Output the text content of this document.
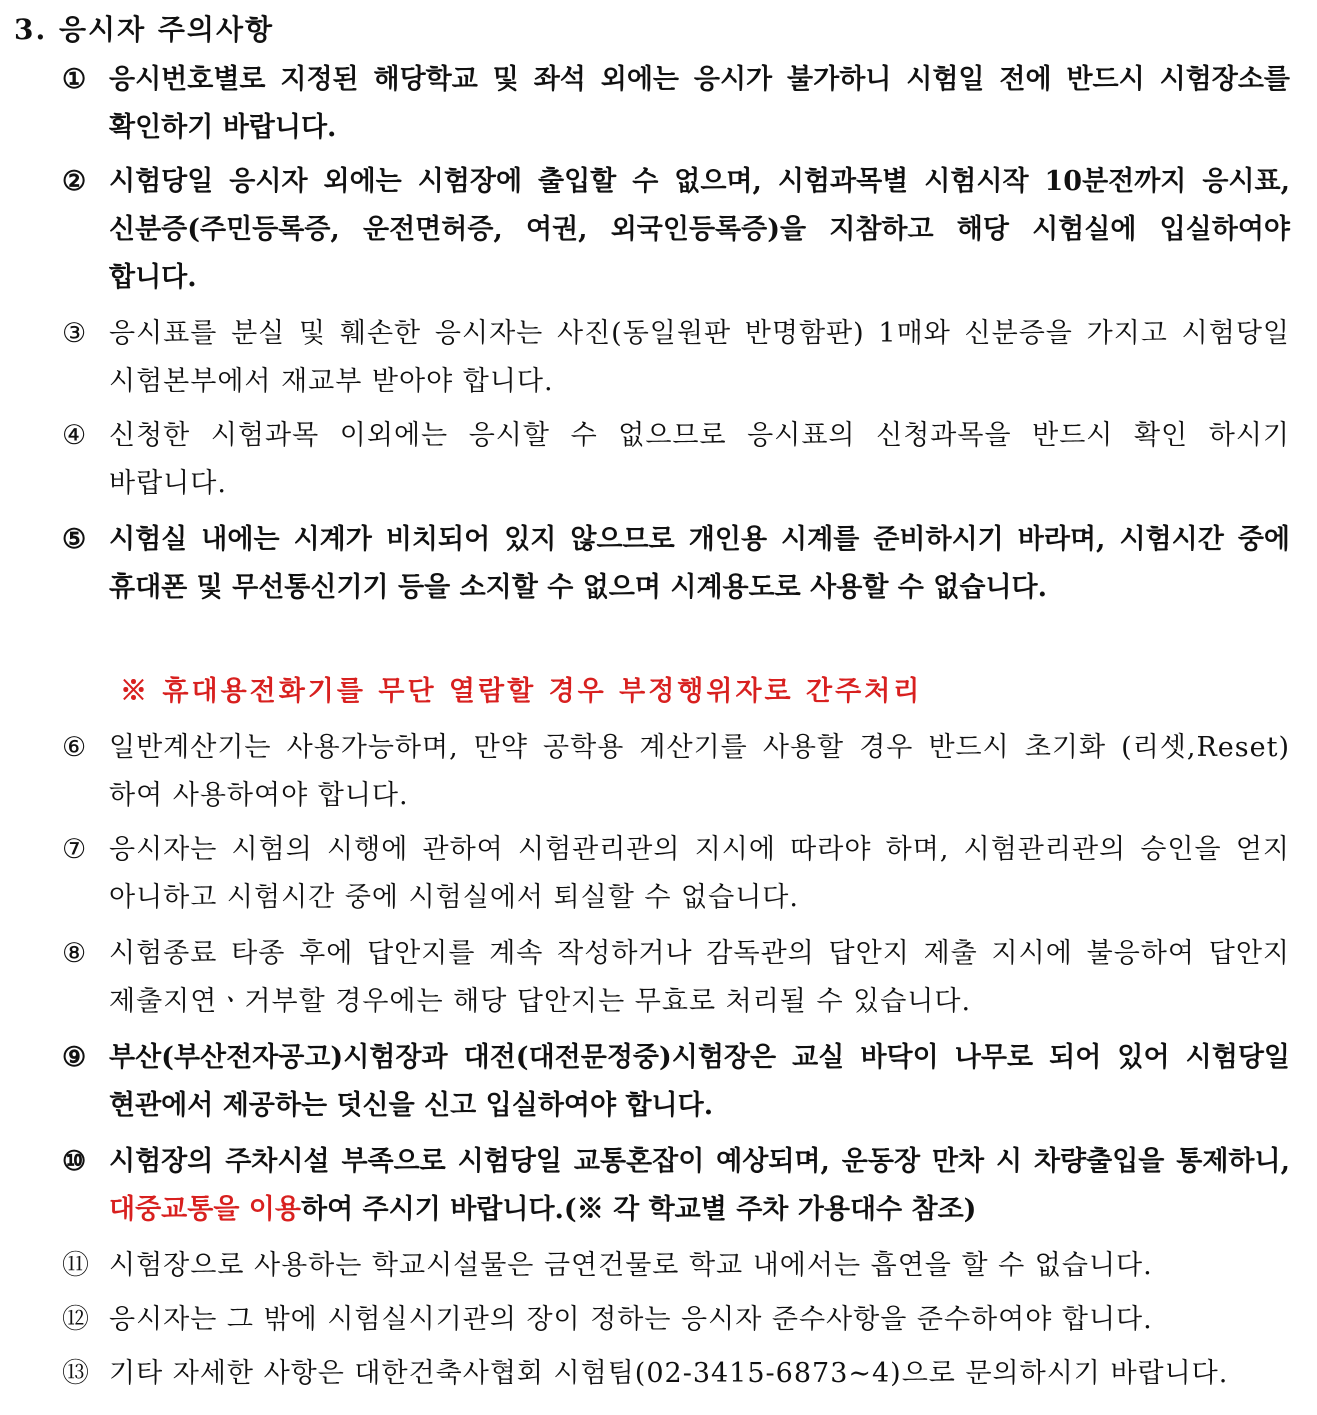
3. 응시자 주의사항
① 응시번호별로 지정된 해당학교 및 좌석 외에는 응시가 불가하니 시험일 전에 반드시 시험장소를 확인하기 바랍니다.
② 시험당일 응시자 외에는 시험장에 출입할 수 없으며, 시험과목별 시험시작 10분전까지 응시표, 신분증(주민등록증, 운전면허증, 여권, 외국인등록증)을 지참하고 해당 시험실에 입실하여야 합니다.
③ 응시표를 분실 및 훼손한 응시자는 사진(동일원판 반명함판) 1매와 신분증을 가지고 시험당일 시험본부에서 재교부 받아야 합니다.
④ 신청한 시험과목 이외에는 응시할 수 없으므로 응시표의 신청과목을 반드시 확인 하시기 바랍니다.
⑤ 시험실 내에는 시계가 비치되어 있지 않으므로 개인용 시계를 준비하시기 바라며, 시험시간 중에 휴대폰 및 무선통신기기 등을 소지할 수 없으며 시계용도로 사용할 수 없습니다.
※ 휴대용전화기를 무단 열람할 경우 부정행위자로 간주처리
⑥ 일반계산기는 사용가능하며, 만약 공학용 계산기를 사용할 경우 반드시 초기화 (리셋,Reset)하여 사용하여야 합니다.
⑦ 응시자는 시험의 시행에 관하여 시험관리관의 지시에 따라야 하며, 시험관리관의 승인을 얻지 아니하고 시험시간 중에 시험실에서 퇴실할 수 없습니다.
⑧ 시험종료 타종 후에 답안지를 계속 작성하거나 감독관의 답안지 제출 지시에 불응하여 답안지 제출지연ㆍ거부할 경우에는 해당 답안지는 무효로 처리될 수 있습니다.
⑨ 부산(부산전자공고)시험장과 대전(대전문정중)시험장은 교실 바닥이 나무로 되어 있어 시험당일 현관에서 제공하는 덧신을 신고 입실하여야 합니다.
⑩ 시험장의 주차시설 부족으로 시험당일 교통혼잡이 예상되며, 운동장 만차 시 차량출입을 통제하니, 대중교통을 이용하여 주시기 바랍니다.(※ 각 학교별 주차 가용대수 참조)
⑪ 시험장으로 사용하는 학교시설물은 금연건물로 학교 내에서는 흡연을 할 수 없습니다.
⑫ 응시자는 그 밖에 시험실시기관의 장이 정하는 응시자 준수사항을 준수하여야 합니다.
⑬ 기타 자세한 사항은 대한건축사협회 시험팀(02-3415-6873∼4)으로 문의하시기 바랍니다.
